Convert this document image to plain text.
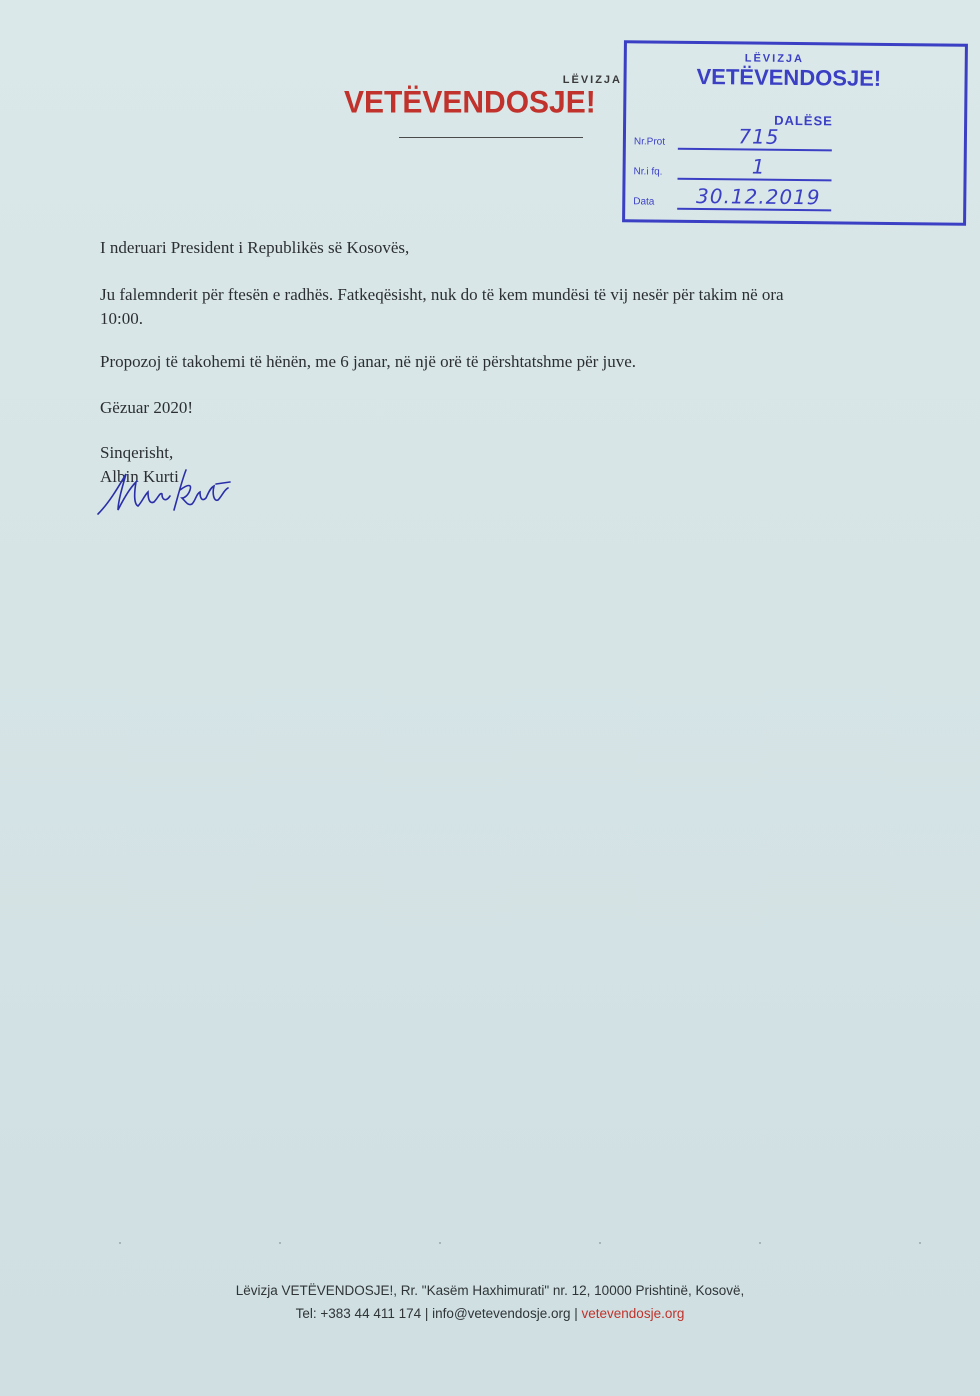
LËVIZJA
VETËVENDOSJE!
LËVIZJA
VETËVENDOSJE!
DALËSE
Nr.Prot	715
Nr.i fq.	1
Data 30.12.2019
I nderuari President i Republikës së Kosovës,
Ju falemnderit për ftesën e radhës. Fatkeqësisht, nuk do të kem mundësi të vij nesër për takim në ora
10:00.
Propozoj të takohemi të hënën, me 6 janar, në një orë të përshtatshme për juve.
Gëzuar 2020!
Sinqerisht,
Albin Kurti
Lëvizja VETËVENDOSJE!, Rr. "Kasëm Haxhimurati" nr. 12, 10000 Prishtinë, Kosovë,
Tel: +383 44 411 174 | info@vetevendosje.org | vetevendosje.org
